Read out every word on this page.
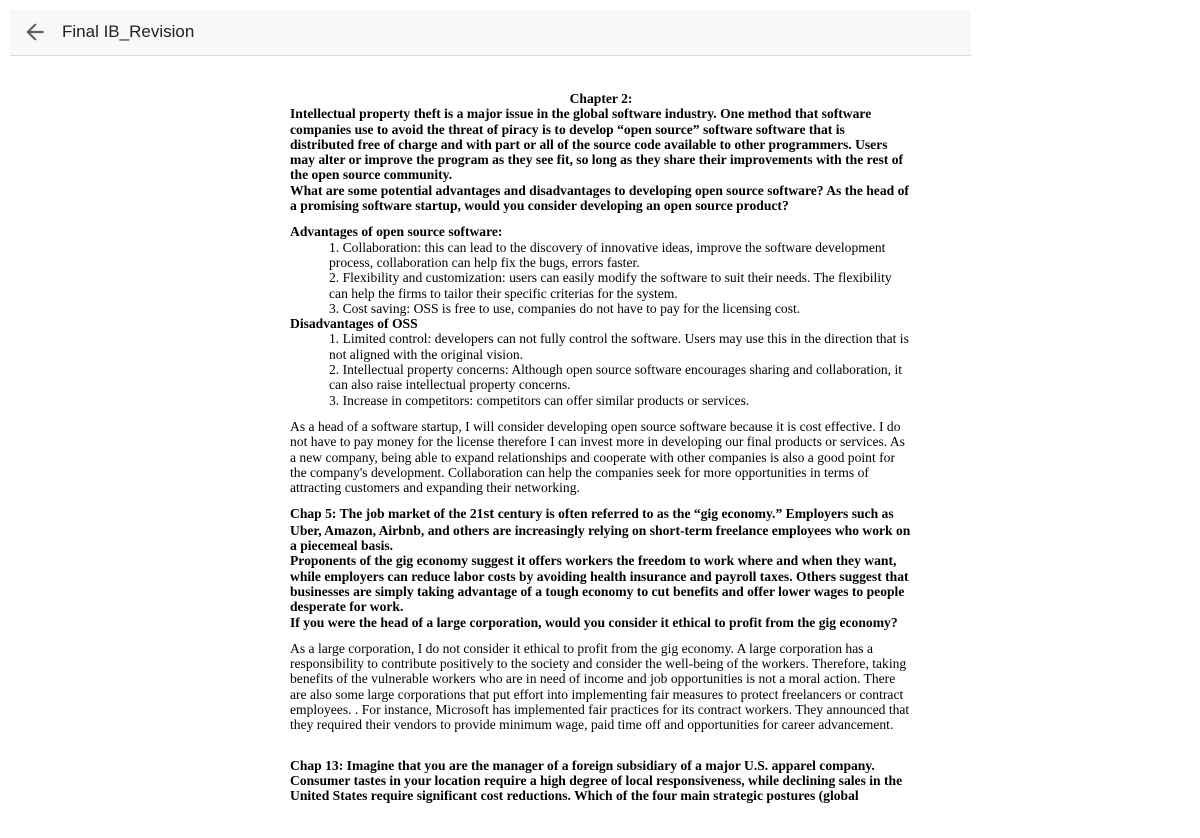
Final IB_Revision

Chapter 2:

Intellectual property theft is a major issue in the global software industry. One method that software companies use to avoid the threat of piracy is to develop “open source” software software that is distributed free of charge and with part or all of the source code available to other programmers. Users may alter or improve the program as they see fit, so long as they share their improvements with the rest of the open source community.

What are some potential advantages and disadvantages to developing open source software? As the head of a promising software startup, would you consider developing an open source product?

Advantages of open source software:

1. Collaboration: this can lead to the discovery of innovative ideas, improve the software development process, collaboration can help fix the bugs, errors faster.

2. Flexibility and customization: users can easily modify the software to suit their needs. The flexibility can help the firms to tailor their specific criterias for the system.

3. Cost saving: OSS is free to use, companies do not have to pay for the licensing cost.

Disadvantages of OSS

1. Limited control: developers can not fully control the software. Users may use this in the direction that is not aligned with the original vision.

2. Intellectual property concerns: Although open source software encourages sharing and collaboration, it can also raise intellectual property concerns.

3. Increase in competitors: competitors can offer similar products or services.

As a head of a software startup, I will consider developing open source software because it is cost effective. I do not have to pay money for the license therefore I can invest more in developing our final products or services. As a new company, being able to expand relationships and cooperate with other companies is also a good point for the company's development. Collaboration can help the companies seek for more opportunities in terms of attracting customers and expanding their networking.

Chap 5: The job market of the 21st century is often referred to as the “gig economy.” Employers such as Uber, Amazon, Airbnb, and others are increasingly relying on short-term freelance employees who work on a piecemeal basis.

Proponents of the gig economy suggest it offers workers the freedom to work where and when they want, while employers can reduce labor costs by avoiding health insurance and payroll taxes. Others suggest that businesses are simply taking advantage of a tough economy to cut benefits and offer lower wages to people desperate for work.

If you were the head of a large corporation, would you consider it ethical to profit from the gig economy?

As a large corporation, I do not consider it ethical to profit from the gig economy. A large corporation has a responsibility to contribute positively to the society and consider the well-being of the workers. Therefore, taking benefits of the vulnerable workers who are in need of income and job opportunities is not a moral action. There are also some large corporations that put effort into implementing fair measures to protect freelancers or contract employees. . For instance, Microsoft has implemented fair practices for its contract workers. They announced that they required their vendors to provide minimum wage, paid time off and opportunities for career advancement.

Chap 13: Imagine that you are the manager of a foreign subsidiary of a major U.S. apparel company. Consumer tastes in your location require a high degree of local responsiveness, while declining sales in the United States require significant cost reductions. Which of the four main strategic postures (global
